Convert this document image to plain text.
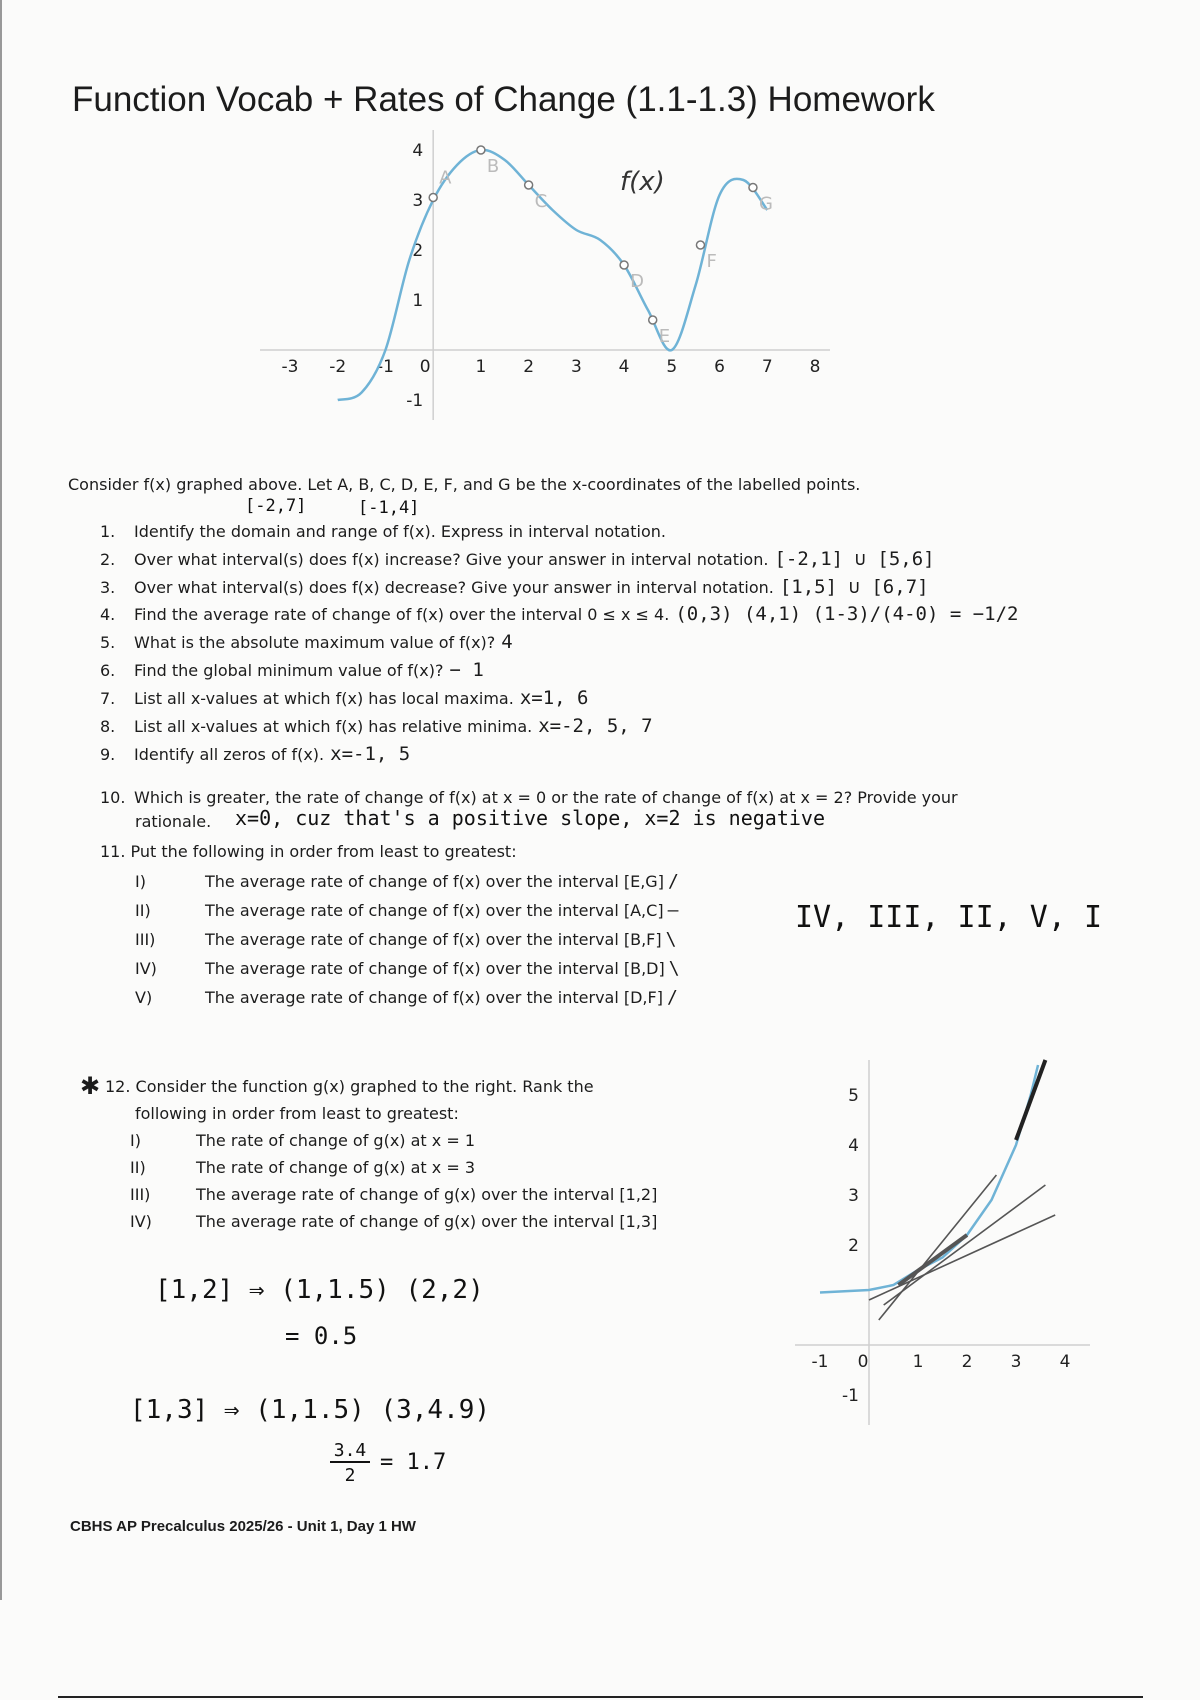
Function Vocab + Rates of Change (1.1-1.3) Homework
-3 -2 -1 0	1 2 3 4 5 6 7 8
-1
1
2
3
4
A
B
C
D
E
F
G
f(x)
Consider f(x) graphed above. Let A, B, C, D, E, F, and G be the x-coordinates of the labelled points.
[-2,7]	[-1,4]
1. Identify the domain and range of f(x). Express in interval notation.
2. Over what interval(s) does f(x) increase? Give your answer in interval notation. [-2,1] ∪ [5,6]
3. Over what interval(s) does f(x) decrease? Give your answer in interval notation. [1,5] ∪ [6,7]
4. Find the average rate of change of f(x) over the interval 0 ≤ x ≤ 4. (0,3) (4,1) (1-3)/(4-0) = −1/2
5. What is the absolute maximum value of f(x)? 4
6. Find the global minimum value of f(x)? − 1
7. List all x-values at which f(x) has local maxima. x=1, 6
8. List all x-values at which f(x) has relative minima. x=-2, 5, 7
9. Identify all zeros of f(x). x=-1, 5
10. Which is greater, the rate of change of f(x) at x = 0 or the rate of change of f(x) at x = 2? Provide your
rationale. x=0, cuz that's a positive slope, x=2 is negative
11. Put the following in order from least to greatest:
I)	The average rate of change of f(x) over the interval [E,G] /
II)	The average rate of change of f(x) over the interval [A,C] —
III)	The average rate of change of f(x) over the interval [B,F] \
IV)	The average rate of change of f(x) over the interval [B,D] \
V)	The average rate of change of f(x) over the interval [D,F] /
IV, III, II, V, I
✱ 12. Consider the function g(x) graphed to the right. Rank the
following in order from least to greatest:
I)	The rate of change of g(x) at x = 1
II)	The rate of change of g(x) at x = 3
III)	The average rate of change of g(x) over the interval [1,2]
IV)	The average rate of change of g(x) over the interval [1,3]
[1,2] ⇒ (1,1.5) (2,2)
= 0.5
[1,3] ⇒ (1,1.5) (3,4.9)
3.4
2
= 1.7
-1 0	1 2 3 4
-1
2
3
4
5
CBHS AP Precalculus 2025/26 - Unit 1, Day 1 HW
